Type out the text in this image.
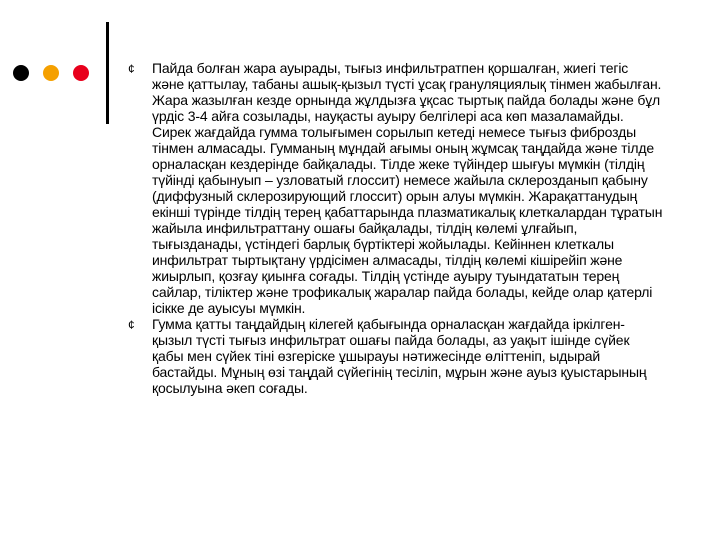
¢	Пайда болған жара ауырады, тығыз инфильтратпен қоршалған, жиегі тегіс және қаттылау, табаны ашық-қызыл түсті ұсақ грануляциялық тінмен жабылған. Жара жазылған кезде орнында жұлдызға ұқсас тыртық пайда болады және бұл үрдіс 3-4 айға созылады, науқасты ауыру белгілері аса көп мазаламайды. Сирек жағдайда гумма толығымен сорылып кетеді немесе тығыз фиброзды тінмен алмасады. Гумманың мұндай ағымы оның жұмсақ таңдайда және тілде орналасқан кездерінде байқалады. Тілде жеке түйіндер шығуы мүмкін (тілдің түйінді қабынуып – узловатый глоссит) немесе жайыла склерозданып қабыну (диффузный склерозирующий глоссит) орын алуы мүмкін. Жарақаттанудың екінші түрінде тілдің терең қабаттарында плазматикалық клеткалардан тұратын жайыла инфильтраттану ошағы байқалады, тілдің көлемі ұлғайып, тығызданады, үстіндегі барлық бүртіктері жойылады. Кейіннен клеткалы инфильтрат тыртықтану үрдісімен алмасады, тілдің көлемі кішірейіп және жиырлып, қозғау қиынға соғады. Тілдің үстінде ауыру туындататын терең сайлар, тіліктер және трофикалық жаралар пайда болады, кейде олар қатерлі ісікке де ауысуы мүмкін.
¢	Гумма қатты таңдайдың кілегей қабығында орналасқан жағдайда іркілген-қызыл түсті тығыз инфильтрат ошағы пайда болады, аз уақыт ішінде сүйек қабы мен сүйек тіні өзгеріске ұшырауы нәтижесінде өліттеніп, ыдырай бастайды. Мұның өзі таңдай сүйегінің тесіліп, мұрын және ауыз қуыстарының қосылуына әкеп соғады.
